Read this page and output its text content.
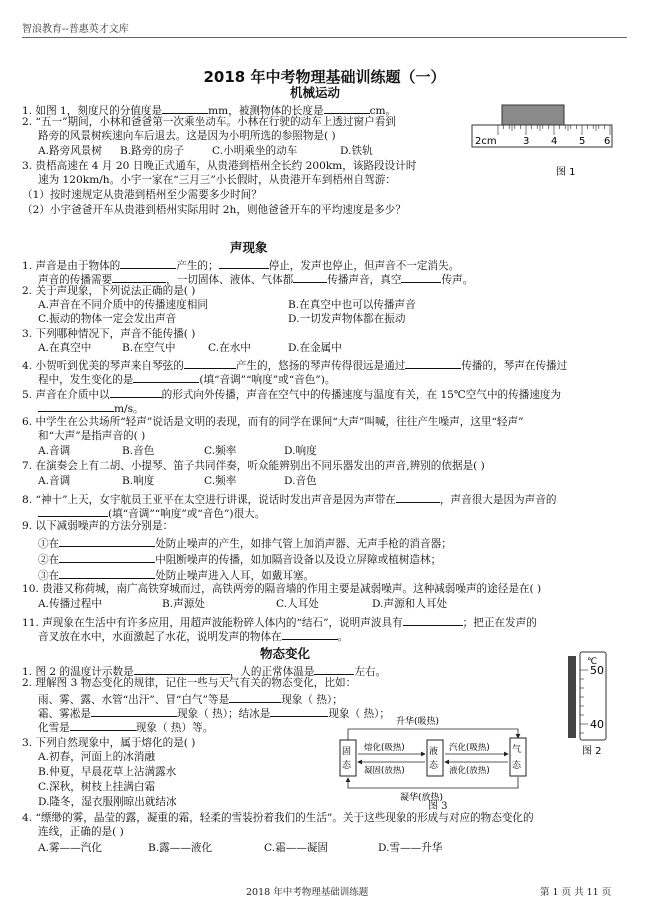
智浪教育--普惠英才文库
2018 年中考物理基础训练题（一）
机械运动
1. 如图 1，刻度尺的分值度是	mm，被测物体的长度是	cm。
2. “五一”期间，小林和爸爸第一次乘坐动车。小林在行驶的动车上透过窗户看到
路旁的风景树疾速向车后退去。这是因为小明所选的参照物是( )
A.路旁风景树 B.路旁的房子	C.小明乘坐的动车	D.铁轨
3. 贵梧高速在 4 月 20 日晚正式通车，从贵港到梧州全长约 200km，该路段设计时
速为 120km/h。小宇一家在“三月三”小长假时，从贵港开车到梧州自驾游：
（1）按时速规定从贵港到梧州至少需要多少时间？
（2）小宇爸爸开车从贵港到梧州实际用时 2h，则他爸爸开车的平均速度是多少？
2cm	3 4 5 6
图 1
声现象
1. 声音是由于物体的	产生的；	停止，发声也停止，但声音不一定消失。
声音的传播需要	，一切固体、液体、气体都	传播声音，真空	传声。
2. 关于声现象，下列说法正确的是( )
A.声音在不同介质中的传播速度相同	B.在真空中也可以传播声音
C.振动的物体一定会发出声音	D.一切发声物体都在振动
3. 下列哪种情况下，声音不能传播( )
A.在真空中	B.在空气中	C.在水中	D.在金属中
4. 小贺听到优美的琴声来自琴弦的	产生的，悠扬的琴声传得很远是通过	传播的，琴声在传播过
程中，发生变化的是	(填“音调”“响度”或“音色”)。
5. 声音在介质中以	的形式向外传播，声音在空气中的传播速度与温度有关，在 15℃空气中的传播速度为
m/s。
6. 中学生在公共场所“轻声”说话是文明的表现，而有的同学在课间“大声”叫喊，往往产生噪声，这里“轻声”
和“大声”是指声音的( )
A.音调	B.音色	C.频率	D.响度
7. 在演奏会上有二胡、小提琴、笛子共同伴奏，听众能辨别出不同乐器发出的声音,辨别的依据是( )
A.音调	B.响度	C.频率	D.音色
8. “神十”上天，女宇航员王亚平在太空进行讲课，说话时发出声音是因为声带在	，声音很大是因为声音的
(填“音调”“响度”或“音色”)很大。
9. 以下减弱噪声的方法分别是：
①在	处防止噪声的产生，如排气管上加消声器、无声手枪的消音器；
②在	中阻断噪声的传播，如加隔音设备以及设立屏障或植树造林；
③在	处防止噪声进入人耳，如戴耳塞。
10. 贵港又称荷城，南广高铁穿城而过，高铁两旁的隔音墙的作用主要是减弱噪声。这种减弱噪声的途径是在( )
A.传播过程中	B.声源处	C.人耳处	D.声源和人耳处
11. 声现象在生活中有许多应用，用超声波能粉碎人体内的“结石”，说明声波具有	；把正在发声的
音叉放在水中，水面激起了水花，说明发声的物体在	。
物态变化
1. 图 2 的温度计示数是	，人的正常体温是	左右。
2. 理解图 3 物态变化的规律，记住一些与天气有关的物态变化，比如：
雨、雾、露、水管“出汗”、冒“白气”等是	现象（ 热）；
霜、雾凇是	现象（ 热）；结冰是	现象（ 热）；
化雪是	现象（ 热）等。
3. 下列自然现象中，属于熔化的是( )
A.初春，河面上的冰消融
B.仲夏，早晨花草上沾满露水
C.深秋，树枝上挂满白霜
D.隆冬，湿衣服刚晾出就结冰
4. “缥缈的雾，晶莹的露，凝重的霜，轻柔的雪装扮着我们的生活”。关于这些现象的形成与对应的物态变化的
连线，正确的是( )
A.雾——汽化	B.露——液化	C.霜——凝固	D.雪——升华
℃
50
40
图 2
升华(吸热)
固
态
液
态
气
态
熔化(吸热)
凝固(放热)
汽化(吸热)
液化(放热)
凝华(放热)
图 3
2018 年中考物理基础训练题	第 1 页 共 11 页
